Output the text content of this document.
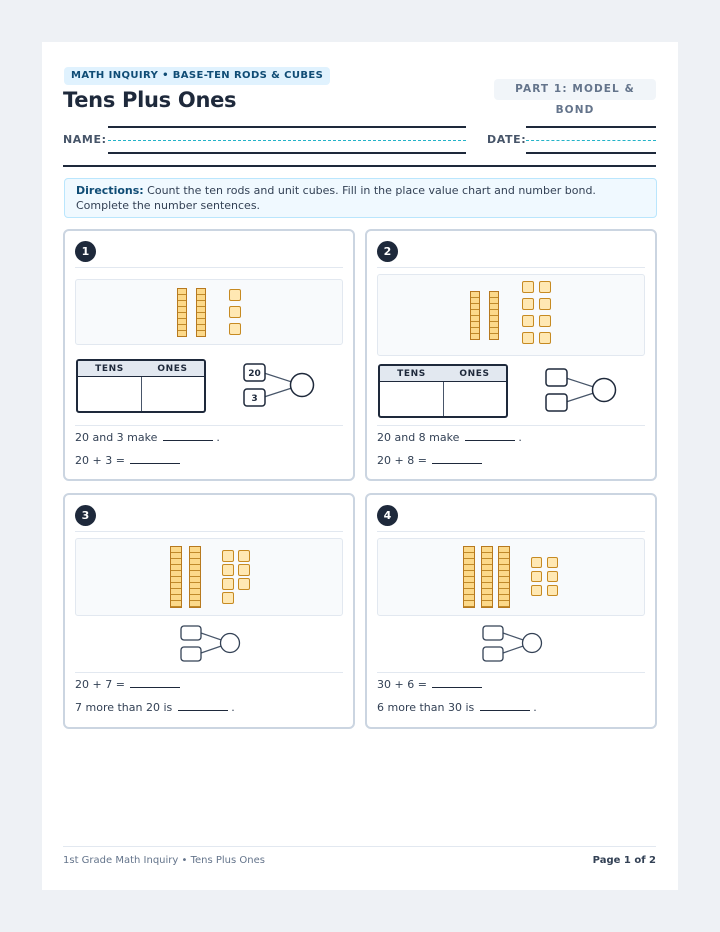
MATH INQUIRY • BASE-TEN RODS & CUBES
PART 1: MODEL & BOND
Tens Plus Ones
NAME:	DATE:
Directions: Count the ten rods and unit cubes. Fill in the place value chart and number bond. Complete the number sentences.
1
TENS	ONES	20
3
20 and 3 make	.
20 + 3 =
2
TENS	ONES
20 and 8 make	.
20 + 8 =
3
20 + 7 =
7 more than 20 is	.
4
30 + 6 =
6 more than 30 is	.
1st Grade Math Inquiry • Tens Plus Ones	Page 1 of 2
